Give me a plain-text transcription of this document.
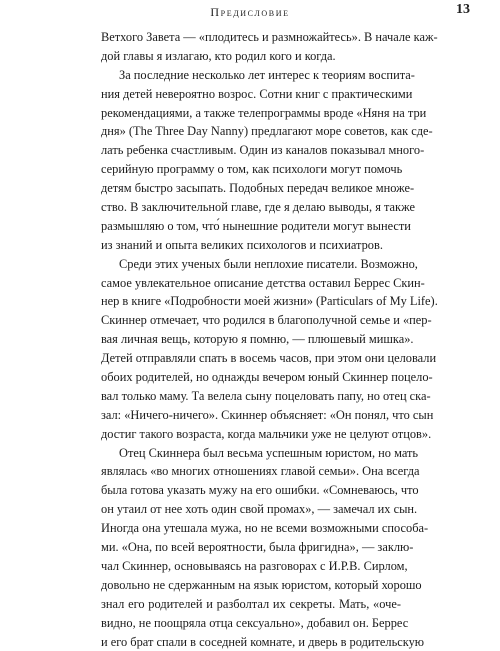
Предисловие	13
Ветхого Завета — «плодитесь и размножайтесь». В начале каж-
дой главы я излагаю, кто родил кого и когда.
За последние несколько лет интерес к теориям воспита-
ния детей невероятно возрос. Сотни книг с практическими
рекомендациями, а также телепрограммы вроде «Няня на три
дня» (The Three Day Nanny) предлагают море советов, как сде-
лать ребенка счастливым. Один из каналов показывал много-
серийную программу о том, как психологи могут помочь
детям быстро засыпать. Подобных передач великое множе-
ство. В заключительной главе, где я делаю выводы, я также
размышляю о том, что́ нынешние родители могут вынести
из знаний и опыта великих психологов и психиатров.
Среди этих ученых были неплохие писатели. Возможно,
самое увлекательное описание детства оставил Беррес Скин-
нер в книге «Подробности моей жизни» (Particulars of My Life).
Скиннер отмечает, что родился в благополучной семье и «пер-
вая личная вещь, которую я помню, — плюшевый мишка».
Детей отправляли спать в восемь часов, при этом они целовали
обоих родителей, но однажды вечером юный Скиннер поцело-
вал только маму. Та велела сыну поцеловать папу, но отец ска-
зал: «Ничего-ничего». Скиннер объясняет: «Он понял, что сын
достиг такого возраста, когда мальчики уже не целуют отцов».
Отец Скиннера был весьма успешным юристом, но мать
являлась «во многих отношениях главой семьи». Она всегда
была готова указать мужу на его ошибки. «Сомневаюсь, что
он утаил от нее хоть один свой промах», — замечал их сын.
Иногда она утешала мужа, но не всеми возможными способа-
ми. «Она, по всей вероятности, была фригидна», — заклю-
чал Скиннер, основываясь на разговорах с И.Р.В. Сирлом,
довольно не сдержанным на язык юристом, который хорошо
знал его родителей и разболтал их секреты. Мать, «оче-
видно, не поощряла отца сексуально», добавил он. Беррес
и его брат спали в соседней комнате, и дверь в родительскую
